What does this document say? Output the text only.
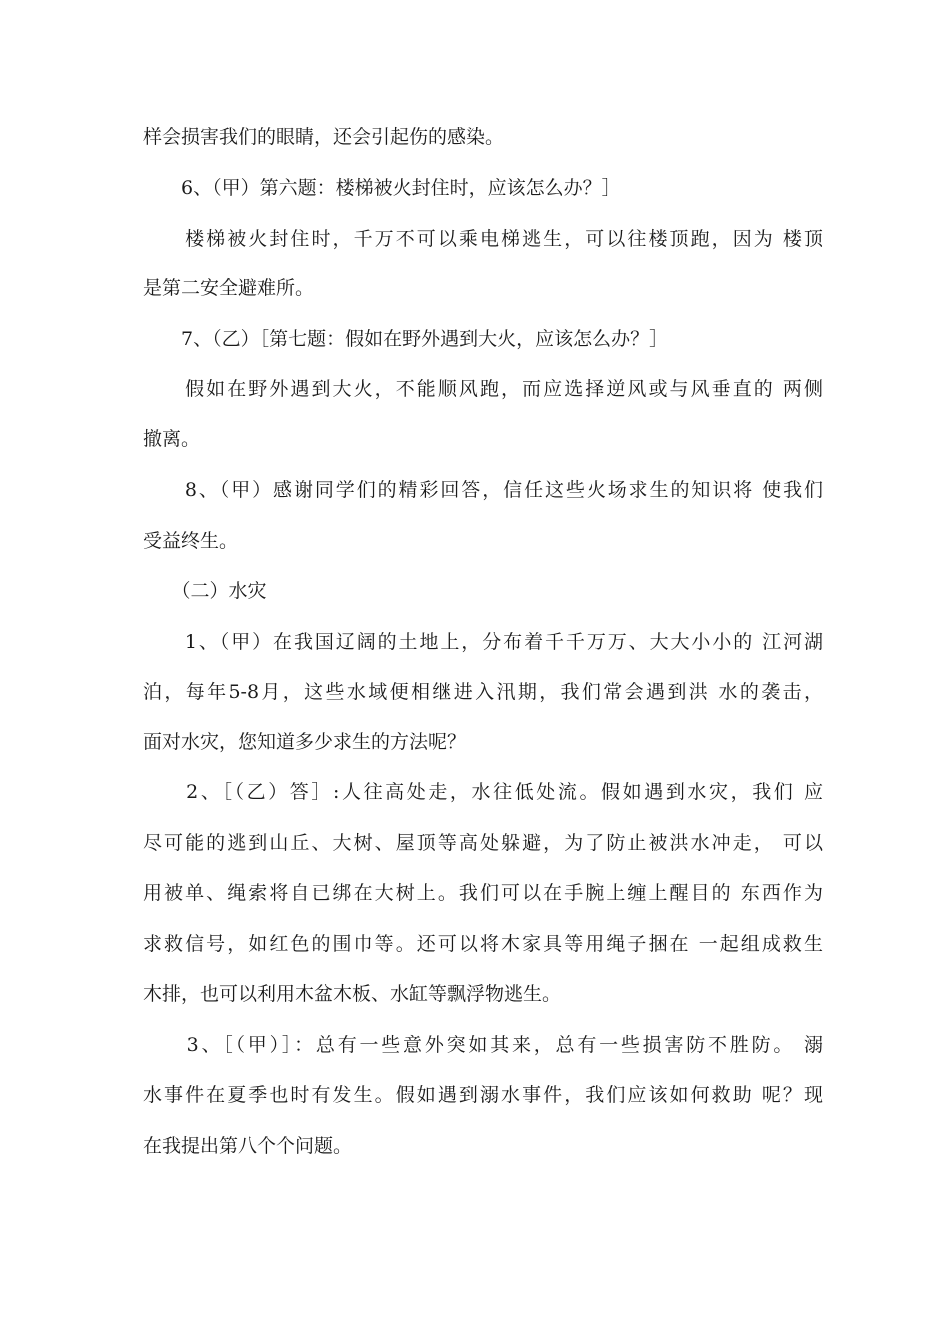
样会损害我们的眼睛，还会引起伤的感染。
　　6、（甲）第六题：楼梯被火封住时，应该怎么办？］
　　楼梯被火封住时，千万不可以乘电梯逃生，可以往楼顶跑，因为 楼顶
是第二安全避难所。
　　7、（乙）［第七题：假如在野外遇到大火，应该怎么办？］
　　假如在野外遇到大火，不能顺风跑，而应选择逆风或与风垂直的 两侧
撤离。
　　8、（甲）感谢同学们的精彩回答，信任这些火场求生的知识将 使我们
受益终生。
　　（二）水灾
　　1、（甲）在我国辽阔的土地上，分布着千千万万、大大小小的 江河湖
泊，每年5-8月，这些水域便相继进入汛期，我们常会遇到洪 水的袭击，
面对水灾，您知道多少求生的方法呢？
　　2、［（乙）答］:人往高处走，水往低处流。假如遇到水灾，我们 应
尽可能的逃到山丘、大树、屋顶等高处躲避，为了防止被洪水冲走， 可以
用被单、绳索将自已绑在大树上。我们可以在手腕上缠上醒目的 东西作为
求救信号，如红色的围巾等。还可以将木家具等用绳子捆在 一起组成救生
木排，也可以利用木盆木板、水缸等飘浮物逃生。
　　3、［（甲）］：总有一些意外突如其来，总有一些损害防不胜防。 溺
水事件在夏季也时有发生。假如遇到溺水事件，我们应该如何救助 呢？现
在我提出第八个个问题。
